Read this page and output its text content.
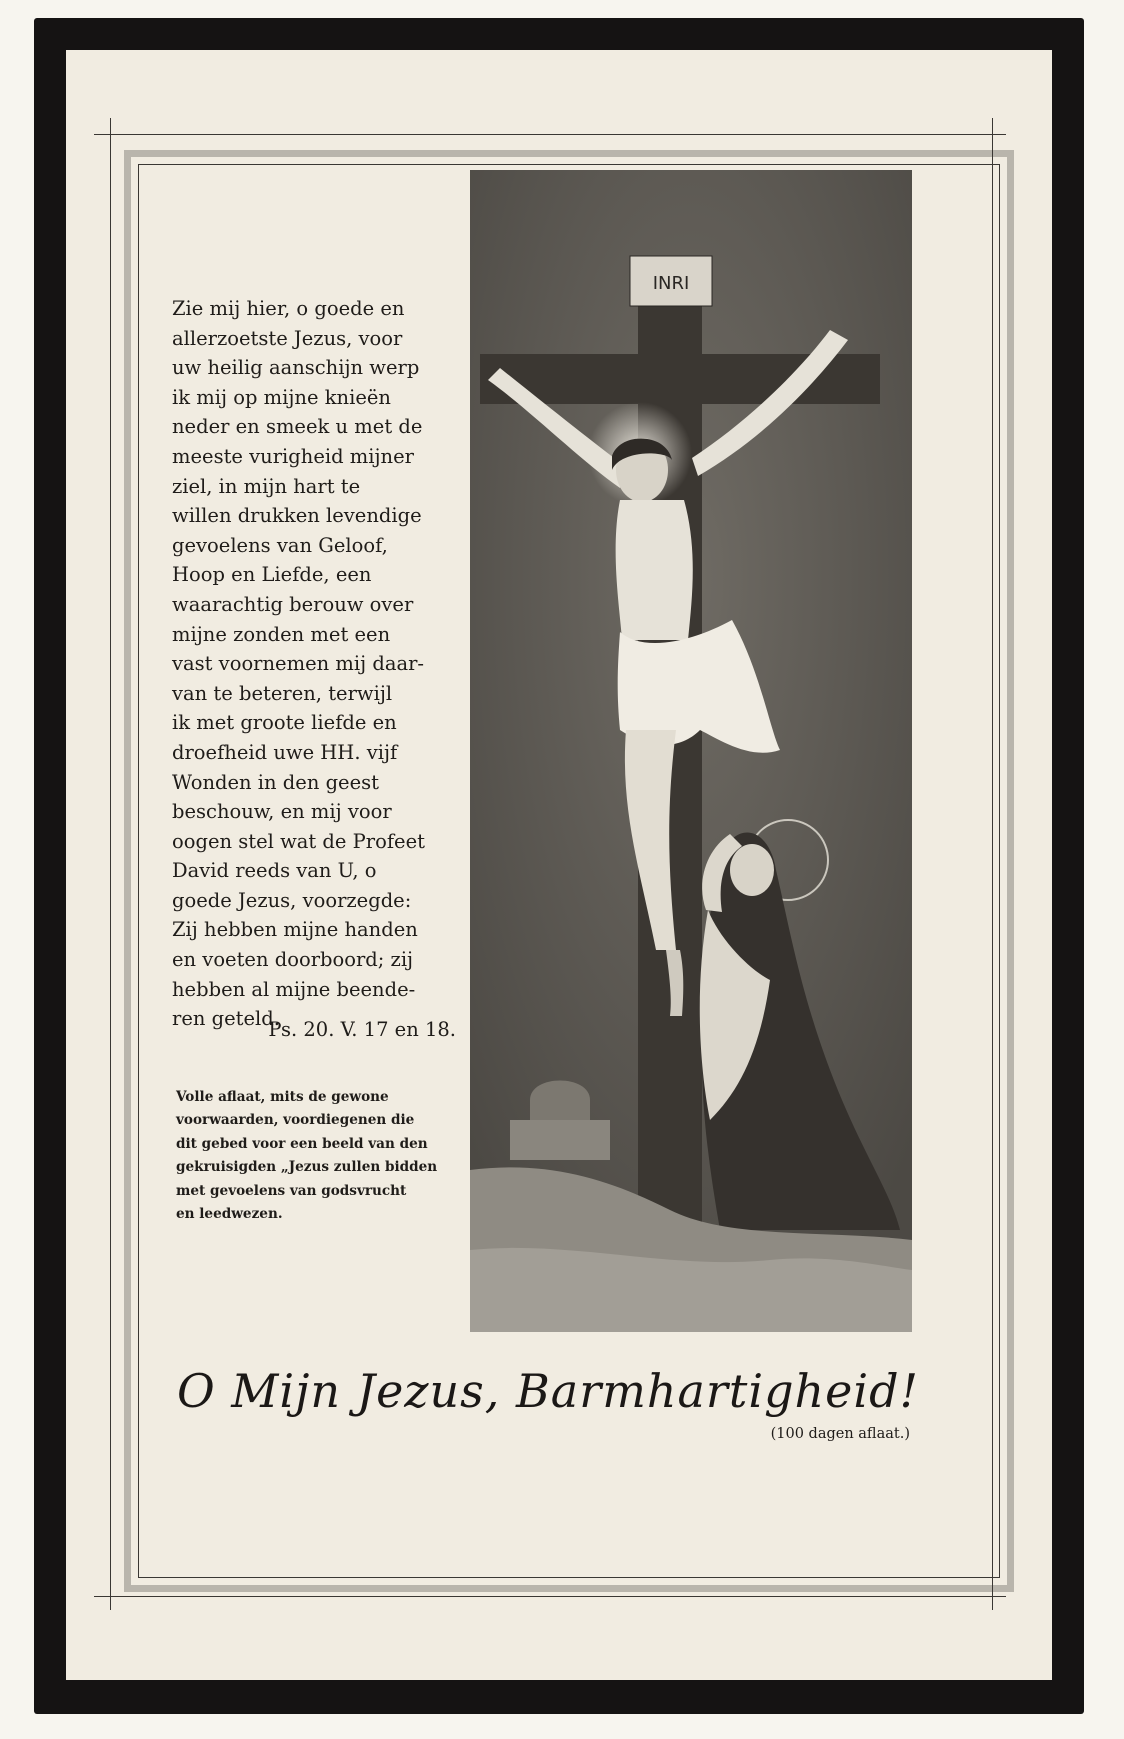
Zie mij hier, o goede en
allerzoetste Jezus, voor
uw heilig aanschijn werp
ik mij op mijne knieën
neder en smeek u met de
meeste vurigheid mijner
ziel, in mijn hart te
willen drukken levendige
gevoelens van Geloof,
Hoop en Liefde, een
waarachtig berouw over
mijne zonden met een
vast voornemen mij daar-
van te beteren, terwijl
ik met groote liefde en
droefheid uwe HH. vijf
Wonden in den geest
beschouw, en mij voor
oogen stel wat de Profeet
David reeds van U, o
goede Jezus, voorzegde:
Zij hebben mijne handen
en voeten doorboord; zij
hebben al mijne beende-
ren geteld.
Ps. 20. V. 17 en 18.
Volle aflaat, mits de gewone
voorwaarden, voordiegenen die
dit gebed voor een beeld van den
gekruisigden „Jezus zullen bidden
met gevoelens van godsvrucht
en leedwezen.
INRI
O Mijn Jezus, Barmhartigheid!
(100 dagen aflaat.)
